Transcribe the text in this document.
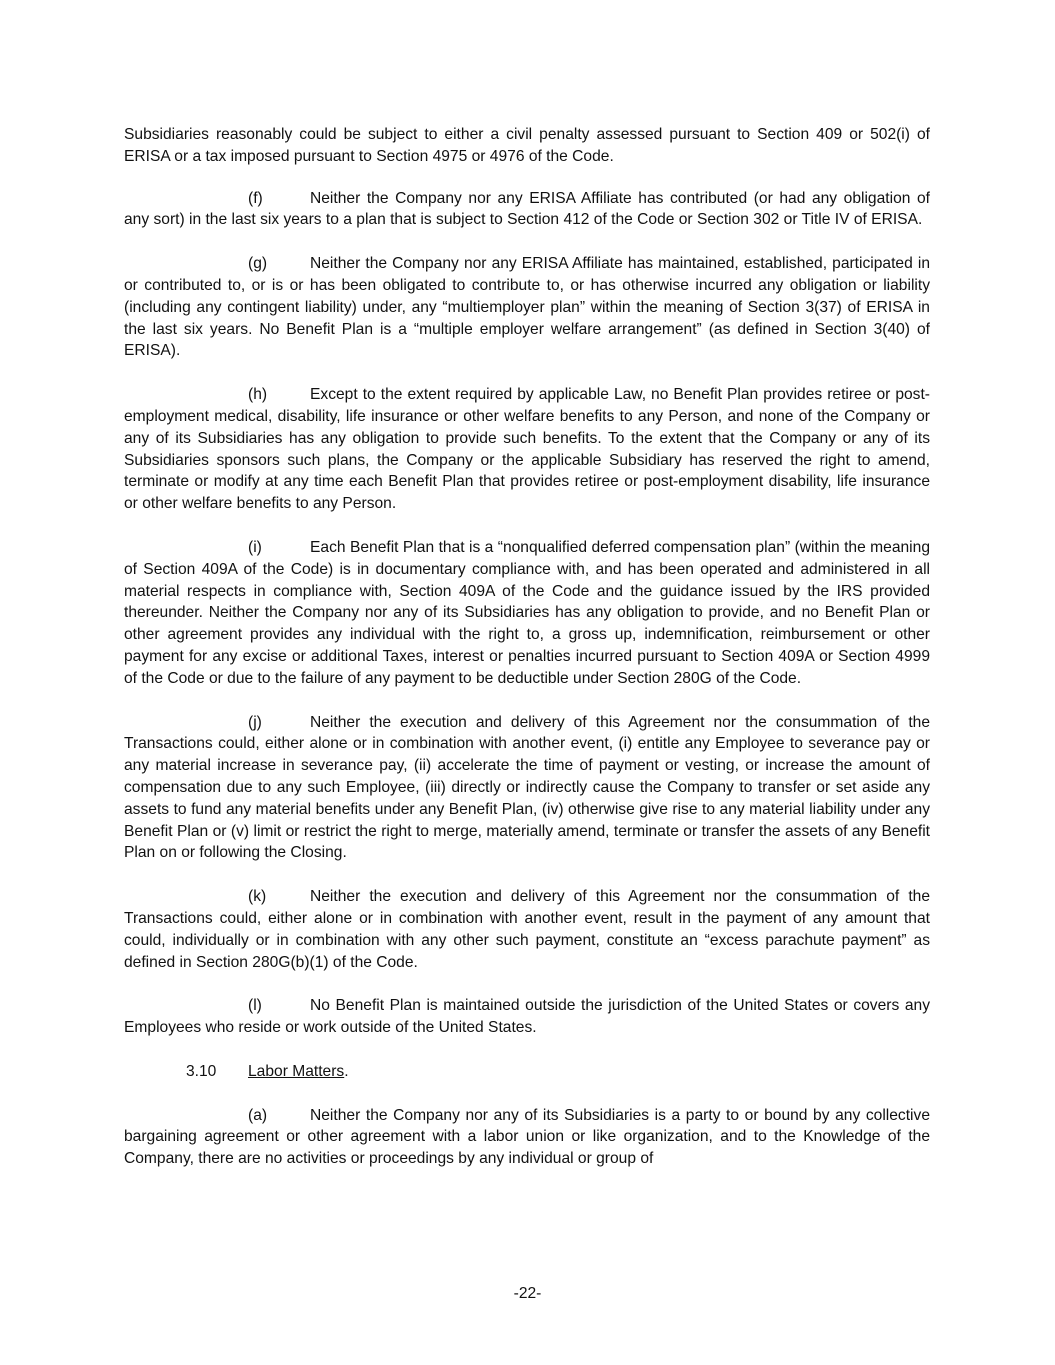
Subsidiaries reasonably could be subject to either a civil penalty assessed pursuant to Section 409 or 502(i) of ERISA or a tax imposed pursuant to Section 4975 or 4976 of the Code.

(f)	Neither the Company nor any ERISA Affiliate has contributed (or had any obligation of any sort) in the last six years to a plan that is subject to Section 412 of the Code or Section 302 or Title IV of ERISA.

(g)	Neither the Company nor any ERISA Affiliate has maintained, established, participated in or contributed to, or is or has been obligated to contribute to, or has otherwise incurred any obligation or liability (including any contingent liability) under, any “multiemployer plan” within the meaning of Section 3(37) of ERISA in the last six years. No Benefit Plan is a “multiple employer welfare arrangement” (as defined in Section 3(40) of ERISA).

(h)	Except to the extent required by applicable Law, no Benefit Plan provides retiree or post-employment medical, disability, life insurance or other welfare benefits to any Person, and none of the Company or any of its Subsidiaries has any obligation to provide such benefits. To the extent that the Company or any of its Subsidiaries sponsors such plans, the Company or the applicable Subsidiary has reserved the right to amend, terminate or modify at any time each Benefit Plan that provides retiree or post-employment disability, life insurance or other welfare benefits to any Person.

(i)	Each Benefit Plan that is a “nonqualified deferred compensation plan” (within the meaning of Section 409A of the Code) is in documentary compliance with, and has been operated and administered in all material respects in compliance with, Section 409A of the Code and the guidance issued by the IRS provided thereunder. Neither the Company nor any of its Subsidiaries has any obligation to provide, and no Benefit Plan or other agreement provides any individual with the right to, a gross up, indemnification, reimbursement or other payment for any excise or additional Taxes, interest or penalties incurred pursuant to Section 409A or Section 4999 of the Code or due to the failure of any payment to be deductible under Section 280G of the Code.

(j)	Neither the execution and delivery of this Agreement nor the consummation of the Transactions could, either alone or in combination with another event, (i) entitle any Employee to severance pay or any material increase in severance pay, (ii) accelerate the time of payment or vesting, or increase the amount of compensation due to any such Employee, (iii) directly or indirectly cause the Company to transfer or set aside any assets to fund any material benefits under any Benefit Plan, (iv) otherwise give rise to any material liability under any Benefit Plan or (v) limit or restrict the right to merge, materially amend, terminate or transfer the assets of any Benefit Plan on or following the Closing.

(k)	Neither the execution and delivery of this Agreement nor the consummation of the Transactions could, either alone or in combination with another event, result in the payment of any amount that could, individually or in combination with any other such payment, constitute an “excess parachute payment” as defined in Section 280G(b)(1) of the Code.

(l)	No Benefit Plan is maintained outside the jurisdiction of the United States or covers any Employees who reside or work outside of the United States.

3.10 Labor Matters.

(a)	Neither the Company nor any of its Subsidiaries is a party to or bound by any collective bargaining agreement or other agreement with a labor union or like organization, and to the Knowledge of the Company, there are no activities or proceedings by any individual or group of

-22-
